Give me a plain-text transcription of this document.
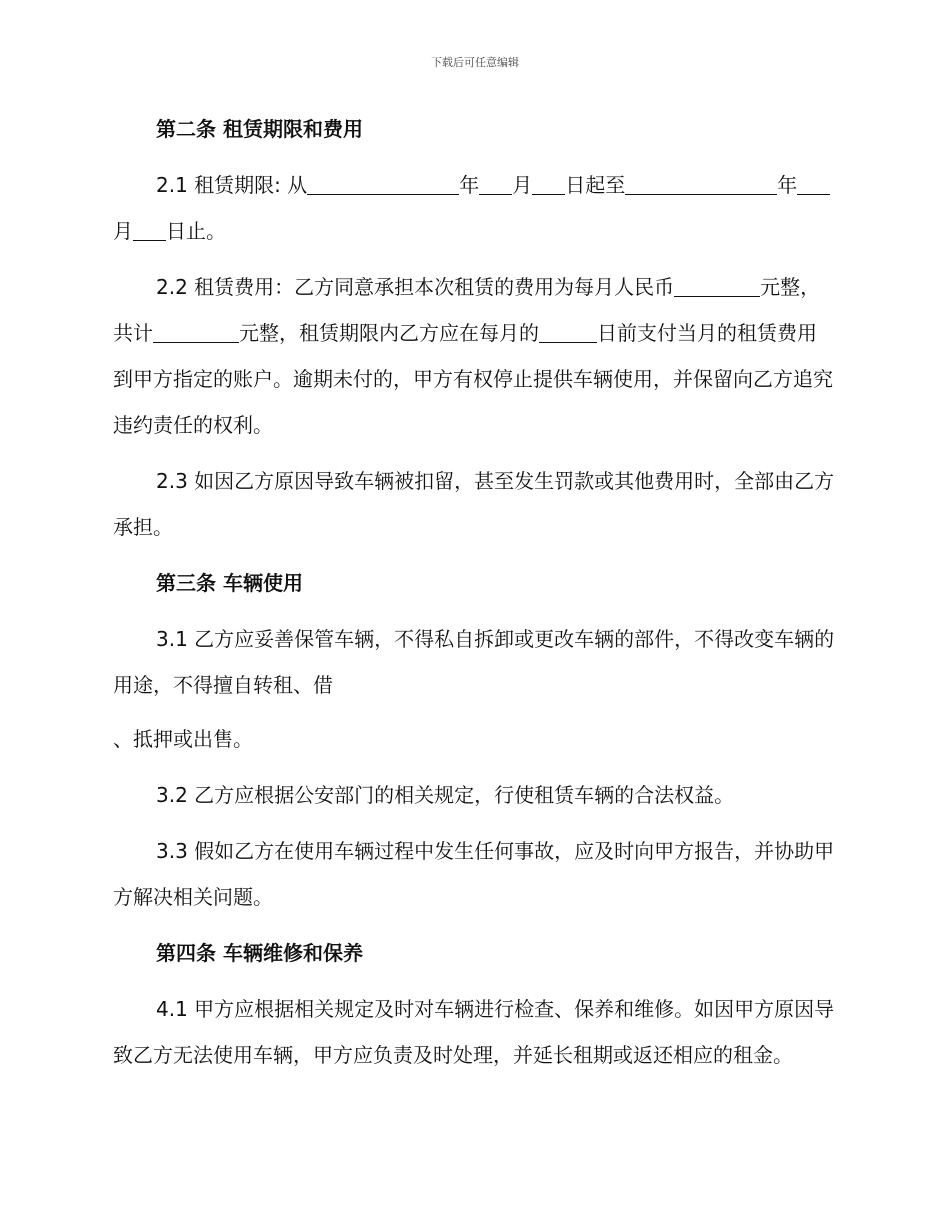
下载后可任意编辑
第二条 租赁期限和费用
2.1 租赁期限: 从	年 月 日起至	年月 日止。
2.2 租赁费用：乙方同意承担本次租赁的费用为每月人民币	元整，共计	元整，租赁期限内乙方应在每月的	日前支付当月的租赁费用到甲方指定的账户。逾期未付的，甲方有权停止提供车辆使用，并保留向乙方追究违约责任的权利。
2.3 如因乙方原因导致车辆被扣留，甚至发生罚款或其他费用时，全部由乙方承担。
第三条 车辆使用
3.1 乙方应妥善保管车辆，不得私自拆卸或更改车辆的部件，不得改变车辆的用途，不得擅自转租、借
、抵押或出售。
3.2 乙方应根据公安部门的相关规定，行使租赁车辆的合法权益。
3.3 假如乙方在使用车辆过程中发生任何事故，应及时向甲方报告，并协助甲方解决相关问题。
第四条 车辆维修和保养
4.1 甲方应根据相关规定及时对车辆进行检查、保养和维修。如因甲方原因导致乙方无法使用车辆，甲方应负责及时处理，并延长租期或返还相应的租金。
